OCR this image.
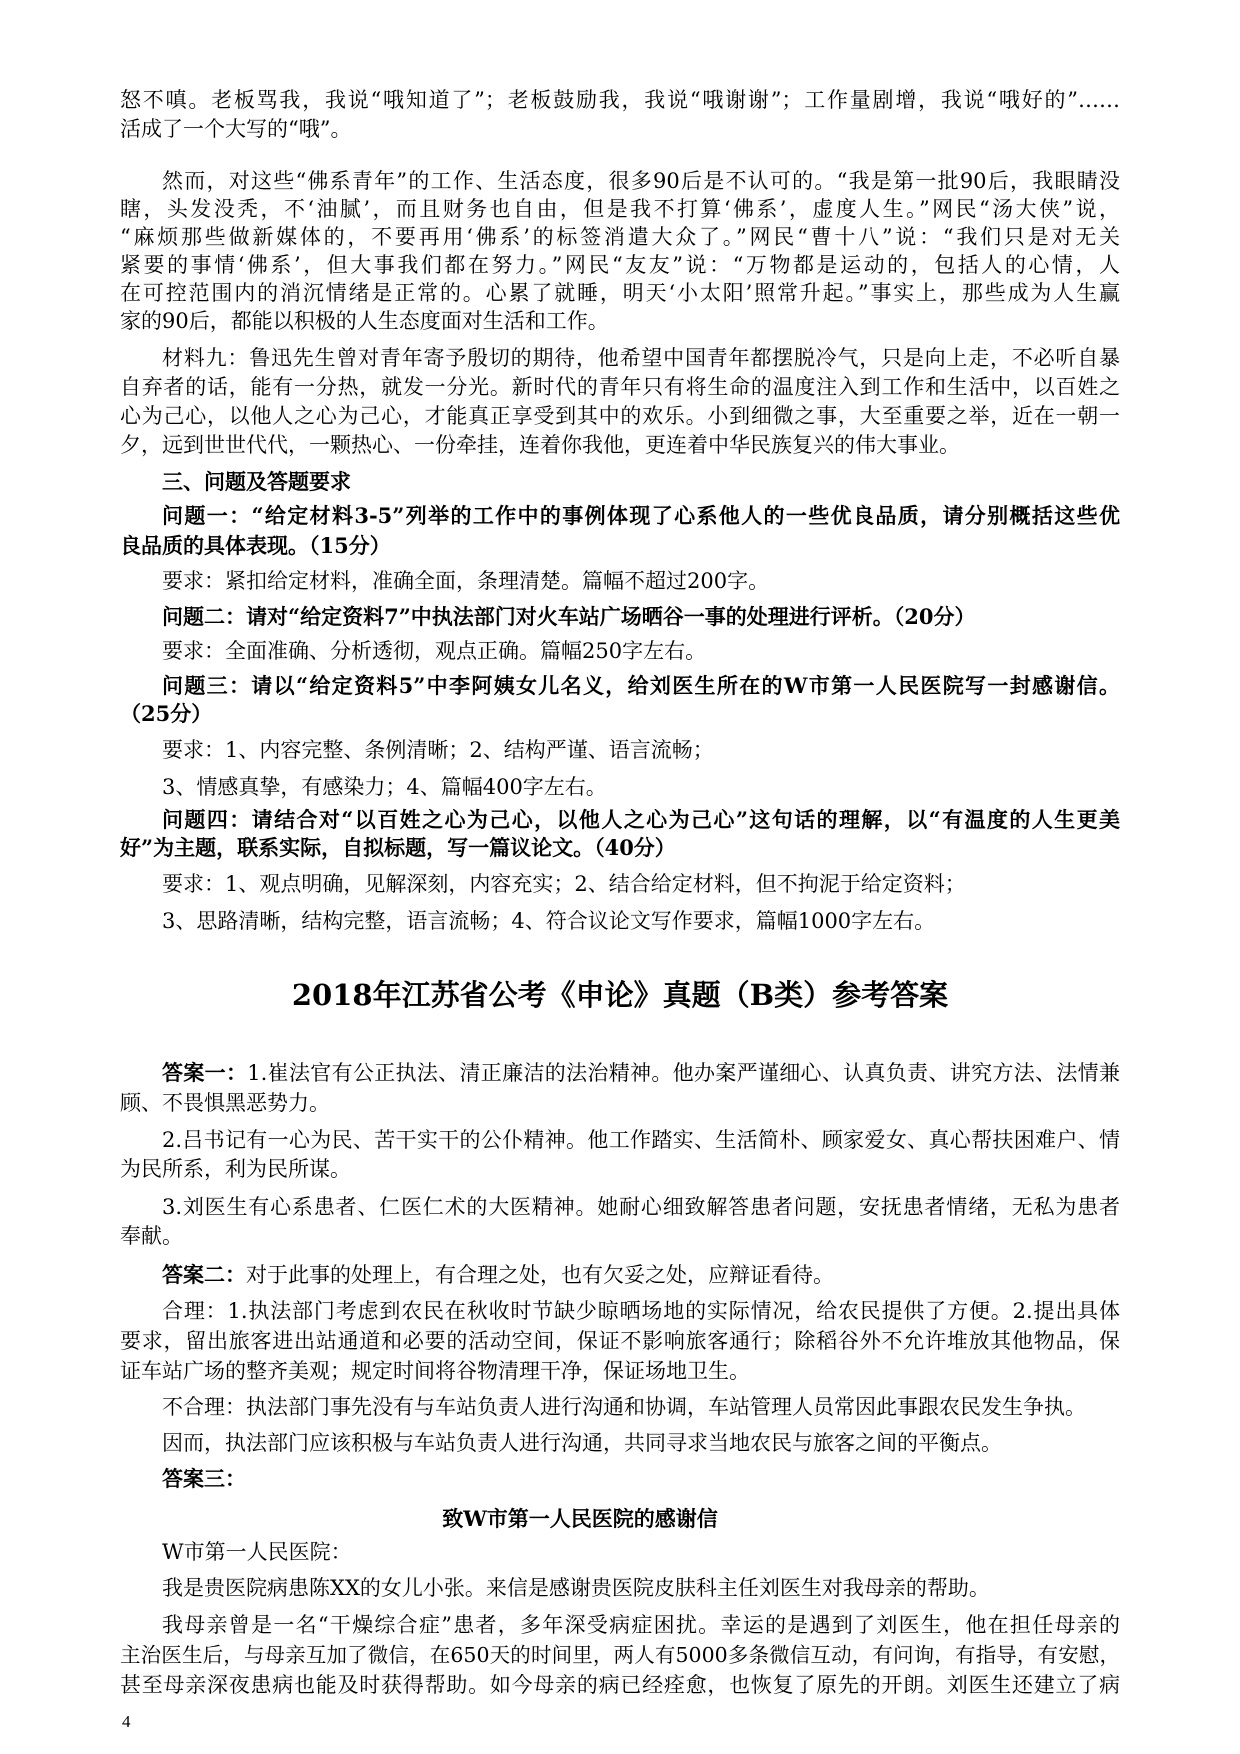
怒不嗔。老板骂我，我说“哦知道了”；老板鼓励我，我说“哦谢谢”；工作量剧增，我说“哦好的”……
活成了一个大写的“哦”。
然而，对这些“佛系青年”的工作、生活态度，很多90后是不认可的。“我是第一批90后，我眼睛没
瞎，头发没秃，不‘油腻’，而且财务也自由，但是我不打算‘佛系’，虚度人生。”网民“汤大侠”说，
“麻烦那些做新媒体的，不要再用‘佛系’的标签消遣大众了。”网民“曹十八”说：“我们只是对无关
紧要的事情‘佛系’，但大事我们都在努力。”网民“友友”说：“万物都是运动的，包括人的心情，人
在可控范围内的消沉情绪是正常的。心累了就睡，明天‘小太阳’照常升起。”事实上，那些成为人生赢
家的90后，都能以积极的人生态度面对生活和工作。
材料九：鲁迅先生曾对青年寄予殷切的期待，他希望中国青年都摆脱冷气，只是向上走，不必听自暴
自弃者的话，能有一分热，就发一分光。新时代的青年只有将生命的温度注入到工作和生活中，以百姓之
心为己心，以他人之心为己心，才能真正享受到其中的欢乐。小到细微之事，大至重要之举，近在一朝一
夕，远到世世代代，一颗热心、一份牵挂，连着你我他，更连着中华民族复兴的伟大事业。
三、问题及答题要求
问题一：“给定材料3-5”列举的工作中的事例体现了心系他人的一些优良品质，请分别概括这些优
良品质的具体表现。（15分）
要求：紧扣给定材料，准确全面，条理清楚。篇幅不超过200字。
问题二：请对“给定资料7”中执法部门对火车站广场晒谷一事的处理进行评析。（20分）
要求：全面准确、分析透彻，观点正确。篇幅250字左右。
问题三：请以“给定资料5”中李阿姨女儿名义，给刘医生所在的W市第一人民医院写一封感谢信。
（25分）
要求：1、内容完整、条例清晰；2、结构严谨、语言流畅；
3、情感真挚，有感染力；4、篇幅400字左右。
问题四：请结合对“以百姓之心为己心，以他人之心为己心”这句话的理解，以“有温度的人生更美
好”为主题，联系实际，自拟标题，写一篇议论文。（40分）
要求：1、观点明确，见解深刻，内容充实；2、结合给定材料，但不拘泥于给定资料；
3、思路清晰，结构完整，语言流畅；4、符合议论文写作要求，篇幅1000字左右。
2018年江苏省公考《申论》真题（B类）参考答案
答案一：1.崔法官有公正执法、清正廉洁的法治精神。他办案严谨细心、认真负责、讲究方法、法情兼
顾、不畏惧黑恶势力。
2.吕书记有一心为民、苦干实干的公仆精神。他工作踏实、生活简朴、顾家爱女、真心帮扶困难户、情
为民所系，利为民所谋。
3.刘医生有心系患者、仁医仁术的大医精神。她耐心细致解答患者问题，安抚患者情绪，无私为患者
奉献。
答案二：对于此事的处理上，有合理之处，也有欠妥之处，应辩证看待。
合理：1.执法部门考虑到农民在秋收时节缺少晾晒场地的实际情况，给农民提供了方便。2.提出具体
要求，留出旅客进出站通道和必要的活动空间，保证不影响旅客通行；除稻谷外不允许堆放其他物品，保
证车站广场的整齐美观；规定时间将谷物清理干净，保证场地卫生。
不合理：执法部门事先没有与车站负责人进行沟通和协调，车站管理人员常因此事跟农民发生争执。
因而，执法部门应该积极与车站负责人进行沟通，共同寻求当地农民与旅客之间的平衡点。
答案三：
致W市第一人民医院的感谢信
W市第一人民医院：
我是贵医院病患陈XX的女儿小张。来信是感谢贵医院皮肤科主任刘医生对我母亲的帮助。
我母亲曾是一名“干燥综合症”患者，多年深受病症困扰。幸运的是遇到了刘医生，他在担任母亲的
主治医生后，与母亲互加了微信，在650天的时间里，两人有5000多条微信互动，有问询，有指导，有安慰，
甚至母亲深夜患病也能及时获得帮助。如今母亲的病已经痊愈，也恢复了原先的开朗。刘医生还建立了病
4
